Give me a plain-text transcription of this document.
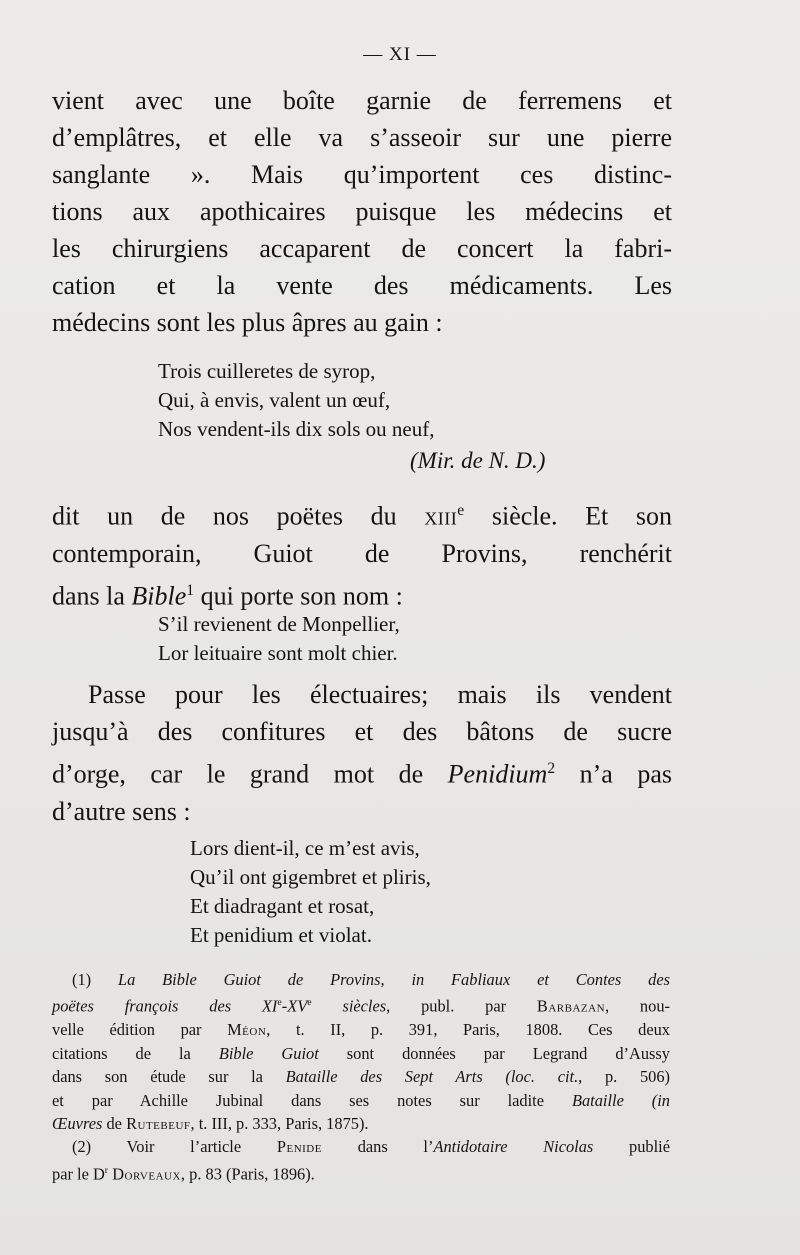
— XI —

vient avec une boîte garnie de ferremens et

d’emplâtres, et elle va s’asseoir sur une pierre

sanglante ». Mais qu’importent ces distinc-

tions aux apothicaires puisque les médecins et

les chirurgiens accaparent de concert la fabri-

cation et la vente des médicaments. Les

médecins sont les plus âpres au gain :

Trois cuilleretes de syrop,
Qui, à envis, valent un œuf,
Nos vendent-ils dix sols ou neuf,
(Mir. de N. D.)

dit un de nos poëtes du xiii$^e$ siècle. Et son

contemporain, Guiot de Provins, renchérit

dans la Bible$^1$ qui porte son nom :

S’il revienent de Monpellier,
Lor leituaire sont molt chier.

Passe pour les électuaires; mais ils vendent

jusqu’à des confitures et des bâtons de sucre

d’orge, car le grand mot de Penidium$^2$ n’a pas

d’autre sens :

Lors dient-il, ce m’est avis,
Qu’il ont gigembret et pliris,
Et diadragant et rosat,
Et penidium et violat.

(1) La Bible Guiot de Provins, in Fabliaux et Contes des

poëtes françois des XIe-XVe siècles, publ. par Barbazan, nou-

velle édition par Méon, t. II, p. 391, Paris, 1808. Ces deux

citations de la Bible Guiot sont données par Legrand d’Aussy

dans son étude sur la Bataille des Sept Arts (loc. cit., p. 506)

et par Achille Jubinal dans ses notes sur ladite Bataille (in

Œuvres de Rutebeuf, t. III, p. 333, Paris, 1875).

(2) Voir l’article Penide dans l’Antidotaire Nicolas publié

par le $D^r$ Dorveaux, p. 83 (Paris, 1896).
